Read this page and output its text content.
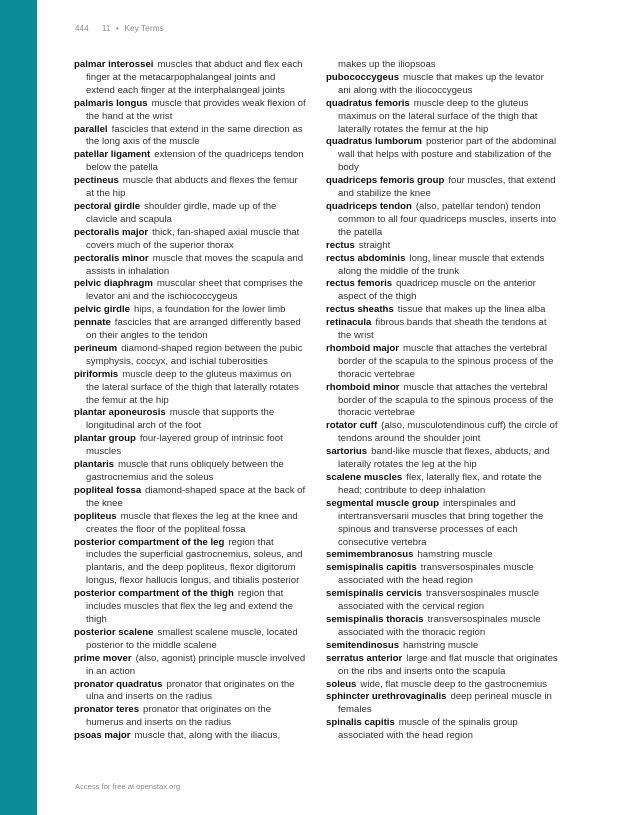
444 11 • Key Terms
palmar interossei muscles that abduct and flex each finger at the metacarpophalangeal joints and extend each finger at the interphalangeal joints
palmaris longus muscle that provides weak flexion of the hand at the wrist
parallel fascicles that extend in the same direction as the long axis of the muscle
patellar ligament extension of the quadriceps tendon below the patella
pectineus muscle that abducts and flexes the femur at the hip
pectoral girdle shoulder girdle, made up of the clavicle and scapula
pectoralis major thick, fan-shaped axial muscle that covers much of the superior thorax
pectoralis minor muscle that moves the scapula and assists in inhalation
pelvic diaphragm muscular sheet that comprises the levator ani and the ischiococcygeus
pelvic girdle hips, a foundation for the lower limb
pennate fascicles that are arranged differently based on their angles to the tendon
perineum diamond-shaped region between the pubic symphysis, coccyx, and ischial tuberosities
piriformis muscle deep to the gluteus maximus on the lateral surface of the thigh that laterally rotates the femur at the hip
plantar aponeurosis muscle that supports the longitudinal arch of the foot
plantar group four-layered group of intrinsic foot muscles
plantaris muscle that runs obliquely between the gastrocnemius and the soleus
popliteal fossa diamond-shaped space at the back of the knee
popliteus muscle that flexes the leg at the knee and creates the floor of the popliteal fossa
posterior compartment of the leg region that includes the superficial gastrocnemius, soleus, and plantaris, and the deep popliteus, flexor digitorum longus, flexor hallucis longus, and tibialis posterior
posterior compartment of the thigh region that includes muscles that flex the leg and extend the thigh
posterior scalene smallest scalene muscle, located posterior to the middle scalene
prime mover (also, agonist) principle muscle involved in an action
pronator quadratus pronator that originates on the ulna and inserts on the radius
pronator teres pronator that originates on the humerus and inserts on the radius
psoas major muscle that, along with the iliacus,
makes up the iliopsoas
pubococcygeus muscle that makes up the levator ani along with the iliococcygeus
quadratus femoris muscle deep to the gluteus maximus on the lateral surface of the thigh that laterally rotates the femur at the hip
quadratus lumborum posterior part of the abdominal wall that helps with posture and stabilization of the body
quadriceps femoris group four muscles, that extend and stabilize the knee
quadriceps tendon (also, patellar tendon) tendon common to all four quadriceps muscles, inserts into the patella
rectus straight
rectus abdominis long, linear muscle that extends along the middle of the trunk
rectus femoris quadricep muscle on the anterior aspect of the thigh
rectus sheaths tissue that makes up the linea alba
retinacula fibrous bands that sheath the tendons at the wrist
rhomboid major muscle that attaches the vertebral border of the scapula to the spinous process of the thoracic vertebrae
rhomboid minor muscle that attaches the vertebral border of the scapula to the spinous process of the thoracic vertebrae
rotator cuff (also, musculotendinous cuff) the circle of tendons around the shoulder joint
sartorius band-like muscle that flexes, abducts, and laterally rotates the leg at the hip
scalene muscles flex, laterally flex, and rotate the head; contribute to deep inhalation
segmental muscle group interspinales and intertransversarii muscles that bring together the spinous and transverse processes of each consecutive vertebra
semimembranosus hamstring muscle
semispinalis capitis transversospinales muscle associated with the head region
semispinalis cervicis transversospinales muscle associated with the cervical region
semispinalis thoracis transversospinales muscle associated with the thoracic region
semitendinosus hamstring muscle
serratus anterior large and flat muscle that originates on the ribs and inserts onto the scapula
soleus wide, flat muscle deep to the gastrocnemius
sphincter urethrovaginalis deep perineal muscle in females
spinalis capitis muscle of the spinalis group associated with the head region
Access for free at openstax.org
